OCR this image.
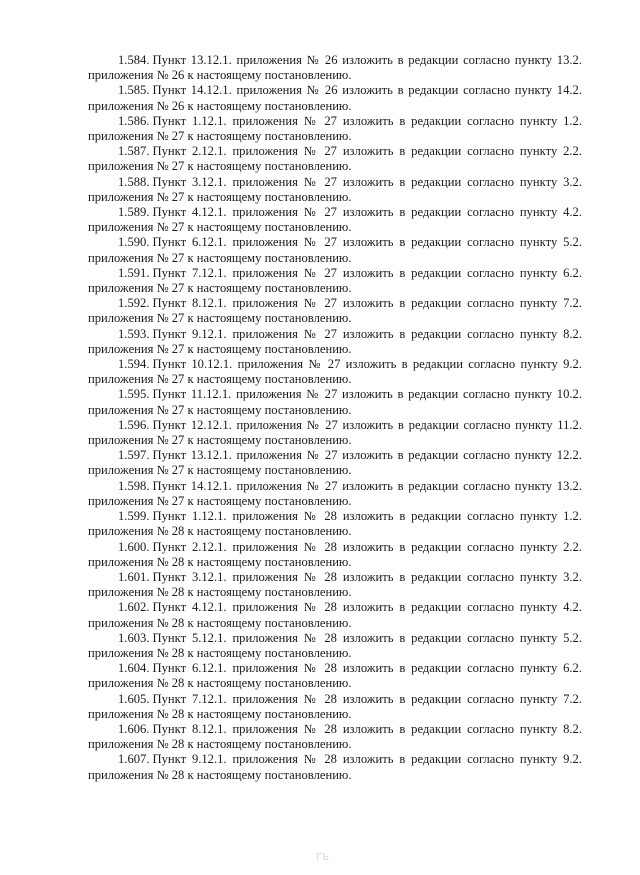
1.584. Пункт 13.12.1. приложения № 26 изложить в редакции согласно пункту 13.2. приложения № 26 к настоящему постановлению.

1.585. Пункт 14.12.1. приложения № 26 изложить в редакции согласно пункту 14.2. приложения № 26 к настоящему постановлению.

1.586. Пункт 1.12.1. приложения № 27 изложить в редакции согласно пункту 1.2. приложения № 27 к настоящему постановлению.

1.587. Пункт 2.12.1. приложения № 27 изложить в редакции согласно пункту 2.2. приложения № 27 к настоящему постановлению.

1.588. Пункт 3.12.1. приложения № 27 изложить в редакции согласно пункту 3.2. приложения № 27 к настоящему постановлению.

1.589. Пункт 4.12.1. приложения № 27 изложить в редакции согласно пункту 4.2. приложения № 27 к настоящему постановлению.

1.590. Пункт 6.12.1. приложения № 27 изложить в редакции согласно пункту 5.2. приложения № 27 к настоящему постановлению.

1.591. Пункт 7.12.1. приложения № 27 изложить в редакции согласно пункту 6.2. приложения № 27 к настоящему постановлению.

1.592. Пункт 8.12.1. приложения № 27 изложить в редакции согласно пункту 7.2. приложения № 27 к настоящему постановлению.

1.593. Пункт 9.12.1. приложения № 27 изложить в редакции согласно пункту 8.2. приложения № 27 к настоящему постановлению.

1.594. Пункт 10.12.1. приложения № 27 изложить в редакции согласно пункту 9.2. приложения № 27 к настоящему постановлению.

1.595. Пункт 11.12.1. приложения № 27 изложить в редакции согласно пункту 10.2. приложения № 27 к настоящему постановлению.

1.596. Пункт 12.12.1. приложения № 27 изложить в редакции согласно пункту 11.2. приложения № 27 к настоящему постановлению.

1.597. Пункт 13.12.1. приложения № 27 изложить в редакции согласно пункту 12.2. приложения № 27 к настоящему постановлению.

1.598. Пункт 14.12.1. приложения № 27 изложить в редакции согласно пункту 13.2. приложения № 27 к настоящему постановлению.

1.599. Пункт 1.12.1. приложения № 28 изложить в редакции согласно пункту 1.2. приложения № 28 к настоящему постановлению.

1.600. Пункт 2.12.1. приложения № 28 изложить в редакции согласно пункту 2.2. приложения № 28 к настоящему постановлению.

1.601. Пункт 3.12.1. приложения № 28 изложить в редакции согласно пункту 3.2. приложения № 28 к настоящему постановлению.

1.602. Пункт 4.12.1. приложения № 28 изложить в редакции согласно пункту 4.2. приложения № 28 к настоящему постановлению.

1.603. Пункт 5.12.1. приложения № 28 изложить в редакции согласно пункту 5.2. приложения № 28 к настоящему постановлению.

1.604. Пункт 6.12.1. приложения № 28 изложить в редакции согласно пункту 6.2. приложения № 28 к настоящему постановлению.

1.605. Пункт 7.12.1. приложения № 28 изложить в редакции согласно пункту 7.2. приложения № 28 к настоящему постановлению.

1.606. Пункт 8.12.1. приложения № 28 изложить в редакции согласно пункту 8.2. приложения № 28 к настоящему постановлению.

1.607. Пункт 9.12.1. приложения № 28 изложить в редакции согласно пункту 9.2. приложения № 28 к настоящему постановлению.

ҐЪ
